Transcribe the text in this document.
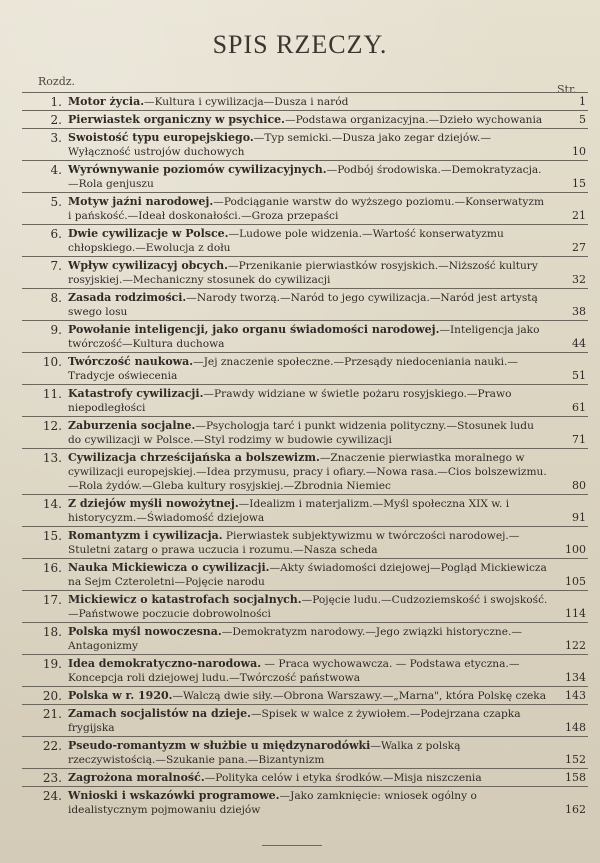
SPIS RZECZY.
Rozdz.
Str.
1. Motor życia.—Kultura i cywilizacja—Dusza i naród	1
2. Pierwiastek organiczny w psychice.—Podstawa organizacyjna.—Dzieło wychowania	5
3. Swoistość typu europejskiego.—Typ semicki.—Dusza jako zegar dziejów.—Wyłączność ustrojów duchowych	10
4. Wyrównywanie poziomów cywilizacyjnych.—Podbój środowiska.—Demokratyzacja.—Rola genjuszu	15
5. Motyw jaźni narodowej.—Podciąganie warstw do wyższego poziomu.—Konserwatyzm i pańskość.—Ideał doskonałości.—Groza przepaści	21
6. Dwie cywilizacje w Polsce.—Ludowe pole widzenia.—Wartość konserwatyzmu chłopskiego.—Ewolucja z dołu	27
7. Wpływ cywilizacyj obcych.—Przenikanie pierwiastków rosyjskich.—Niższość kultury rosyjskiej.—Mechaniczny stosunek do cywilizacji	32
8. Zasada rodzimości.—Narody tworzą.—Naród to jego cywilizacja.—Naród jest artystą swego losu	38
9. Powołanie inteligencji, jako organu świadomości narodowej.—Inteligencja jako twórczość—Kultura duchowa	44
10. Twórczość naukowa.—Jej znaczenie społeczne.—Przesądy niedoceniania nauki.—Tradycje oświecenia	51
11. Katastrofy cywilizacji.—Prawdy widziane w świetle pożaru rosyjskiego.—Prawo niepodległości	61
12. Zaburzenia socjalne.—Psychologja tarć i punkt widzenia polityczny.—Stosunek ludu do cywilizacji w Polsce.—Styl rodzimy w budowie cywilizacji	71
13. Cywilizacja chrześcijańska a bolszewizm.—Znaczenie pierwiastka moralnego w cywilizacji europejskiej.—Idea przymusu, pracy i ofiary.—Nowa rasa.—Cios bolszewizmu.—Rola żydów.—Gleba kultury rosyjskiej.—Zbrodnia Niemiec	80
14. Z dziejów myśli nowożytnej.—Idealizm i materjalizm.—Myśl społeczna XIX w. i historycyzm.—Świadomość dziejowa	91
15. Romantyzm i cywilizacja. Pierwiastek subjektywizmu w twórczości narodowej.—Stuletni zatarg o prawa uczucia i rozumu.—Nasza scheda	100
16. Nauka Mickiewicza o cywilizacji.—Akty świadomości dziejowej—Pogląd Mickiewicza na Sejm Czteroletni—Pojęcie narodu	105
17. Mickiewicz o katastrofach socjalnych.—Pojęcie ludu.—Cudzoziemskość i swojskość.—Państwowe poczucie dobrowolności	114
18. Polska myśl nowoczesna.—Demokratyzm narodowy.—Jego związki historyczne.—Antagonizmy	122
19. Idea demokratyczno-narodowa. — Praca wychowawcza. — Podstawa etyczna.—Koncepcja roli dziejowej ludu.—Twórczość państwowa	134
20. Polska w r. 1920.—Walczą dwie siły.—Obrona Warszawy.—„Marna", która Polskę czeka	143
21. Zamach socjalistów na dzieje.—Spisek w walce z żywiołem.—Podejrzana czapka frygijska	148
22. Pseudo-romantyzm w służbie u międzynarodówki—Walka z polską rzeczywistością.—Szukanie pana.—Bizantynizm	152
23. Zagrożona moralność.—Polityka celów i etyka środków.—Misja niszczenia	158
24. Wnioski i wskazówki programowe.—Jako zamknięcie: wniosek ogólny o idealistycznym pojmowaniu dziejów	162
